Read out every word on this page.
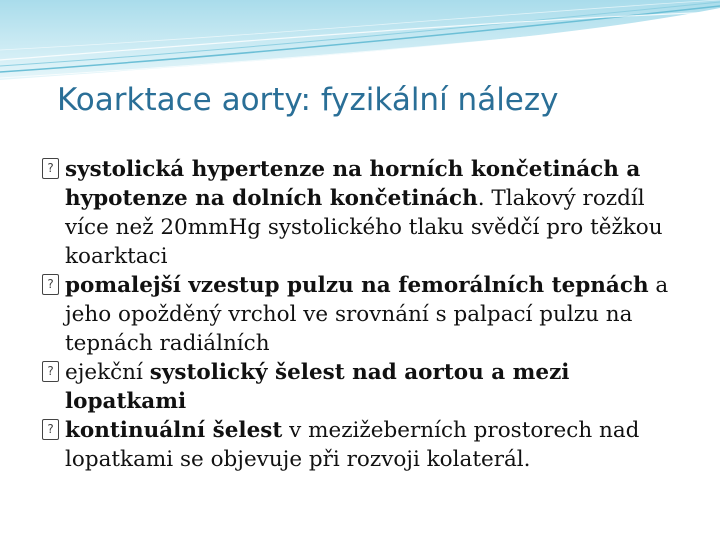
Koarktace aorty: fyzikální nálezy

? systolická hypertenze na horních končetinách a hypotenze na dolních končetinách. Tlakový rozdíl více než 20mmHg systolického tlaku svědčí pro těžkou koarktaci

? pomalejší vzestup pulzu na femorálních tepnách a jeho opožděný vrchol ve srovnání s palpací pulzu na tepnách radiálních

? ejekční systolický šelest nad aortou a mezi lopatkami

? kontinuální šelest v mezižeberních prostorech nad lopatkami se objevuje při rozvoji kolaterál.
